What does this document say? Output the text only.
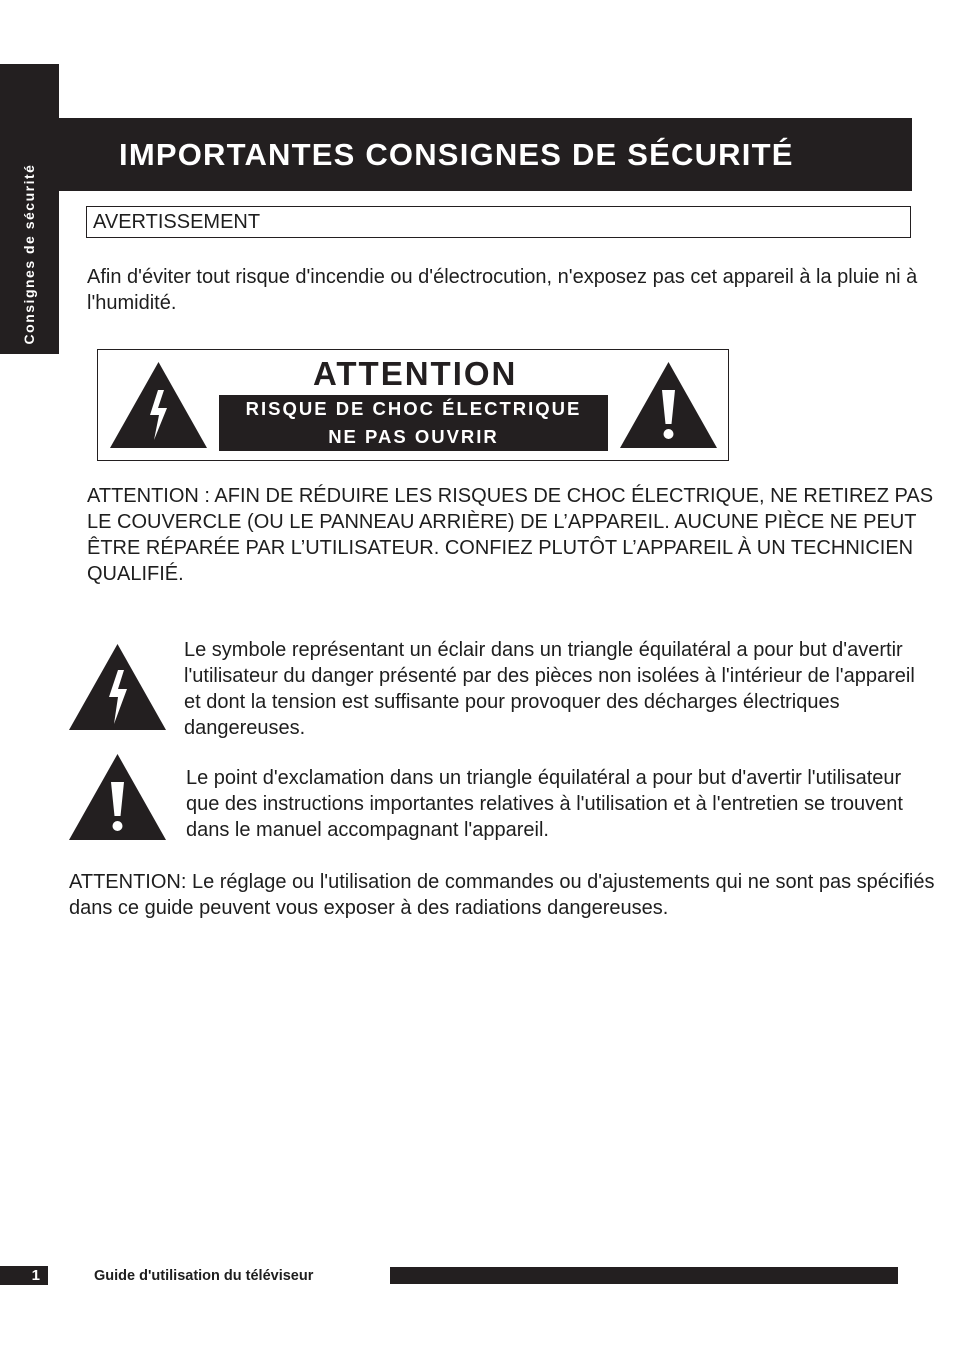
Consignes de sécurité
IMPORTANTES CONSIGNES DE SÉCURITÉ
AVERTISSEMENT

Afin d'éviter tout risque d'incendie ou d'électrocution, n'exposez pas cet appareil à la pluie ni à l'humidité.

ATTENTION
RISQUE DE CHOC ÉLECTRIQUE
NE PAS OUVRIR

ATTENTION : AFIN DE RÉDUIRE LES RISQUES DE CHOC ÉLECTRIQUE, NE RETIREZ PAS LE COUVERCLE (OU LE PANNEAU ARRIÈRE) DE L’APPAREIL. AUCUNE PIÈCE NE PEUT ÊTRE RÉPARÉE PAR L’UTILISATEUR. CONFIEZ PLUTÔT L’APPAREIL À UN TECHNICIEN QUALIFIÉ.

Le symbole représentant un éclair dans un triangle équilatéral a pour but d'avertir l'utilisateur du danger présenté par des pièces non isolées à l'intérieur de l'appareil et dont la tension est suffisante pour provoquer des décharges électriques dangereuses.

Le point d'exclamation dans un triangle équilatéral a pour but d'avertir l'utilisateur que des instructions importantes relatives à l'utilisation et à l'entretien se trouvent dans le manuel accompagnant l'appareil.

ATTENTION: Le réglage ou l'utilisation de commandes ou d'ajustements qui ne sont pas spécifiés dans ce guide peuvent vous exposer à des radiations dangereuses.

1	Guide d'utilisation du téléviseur
